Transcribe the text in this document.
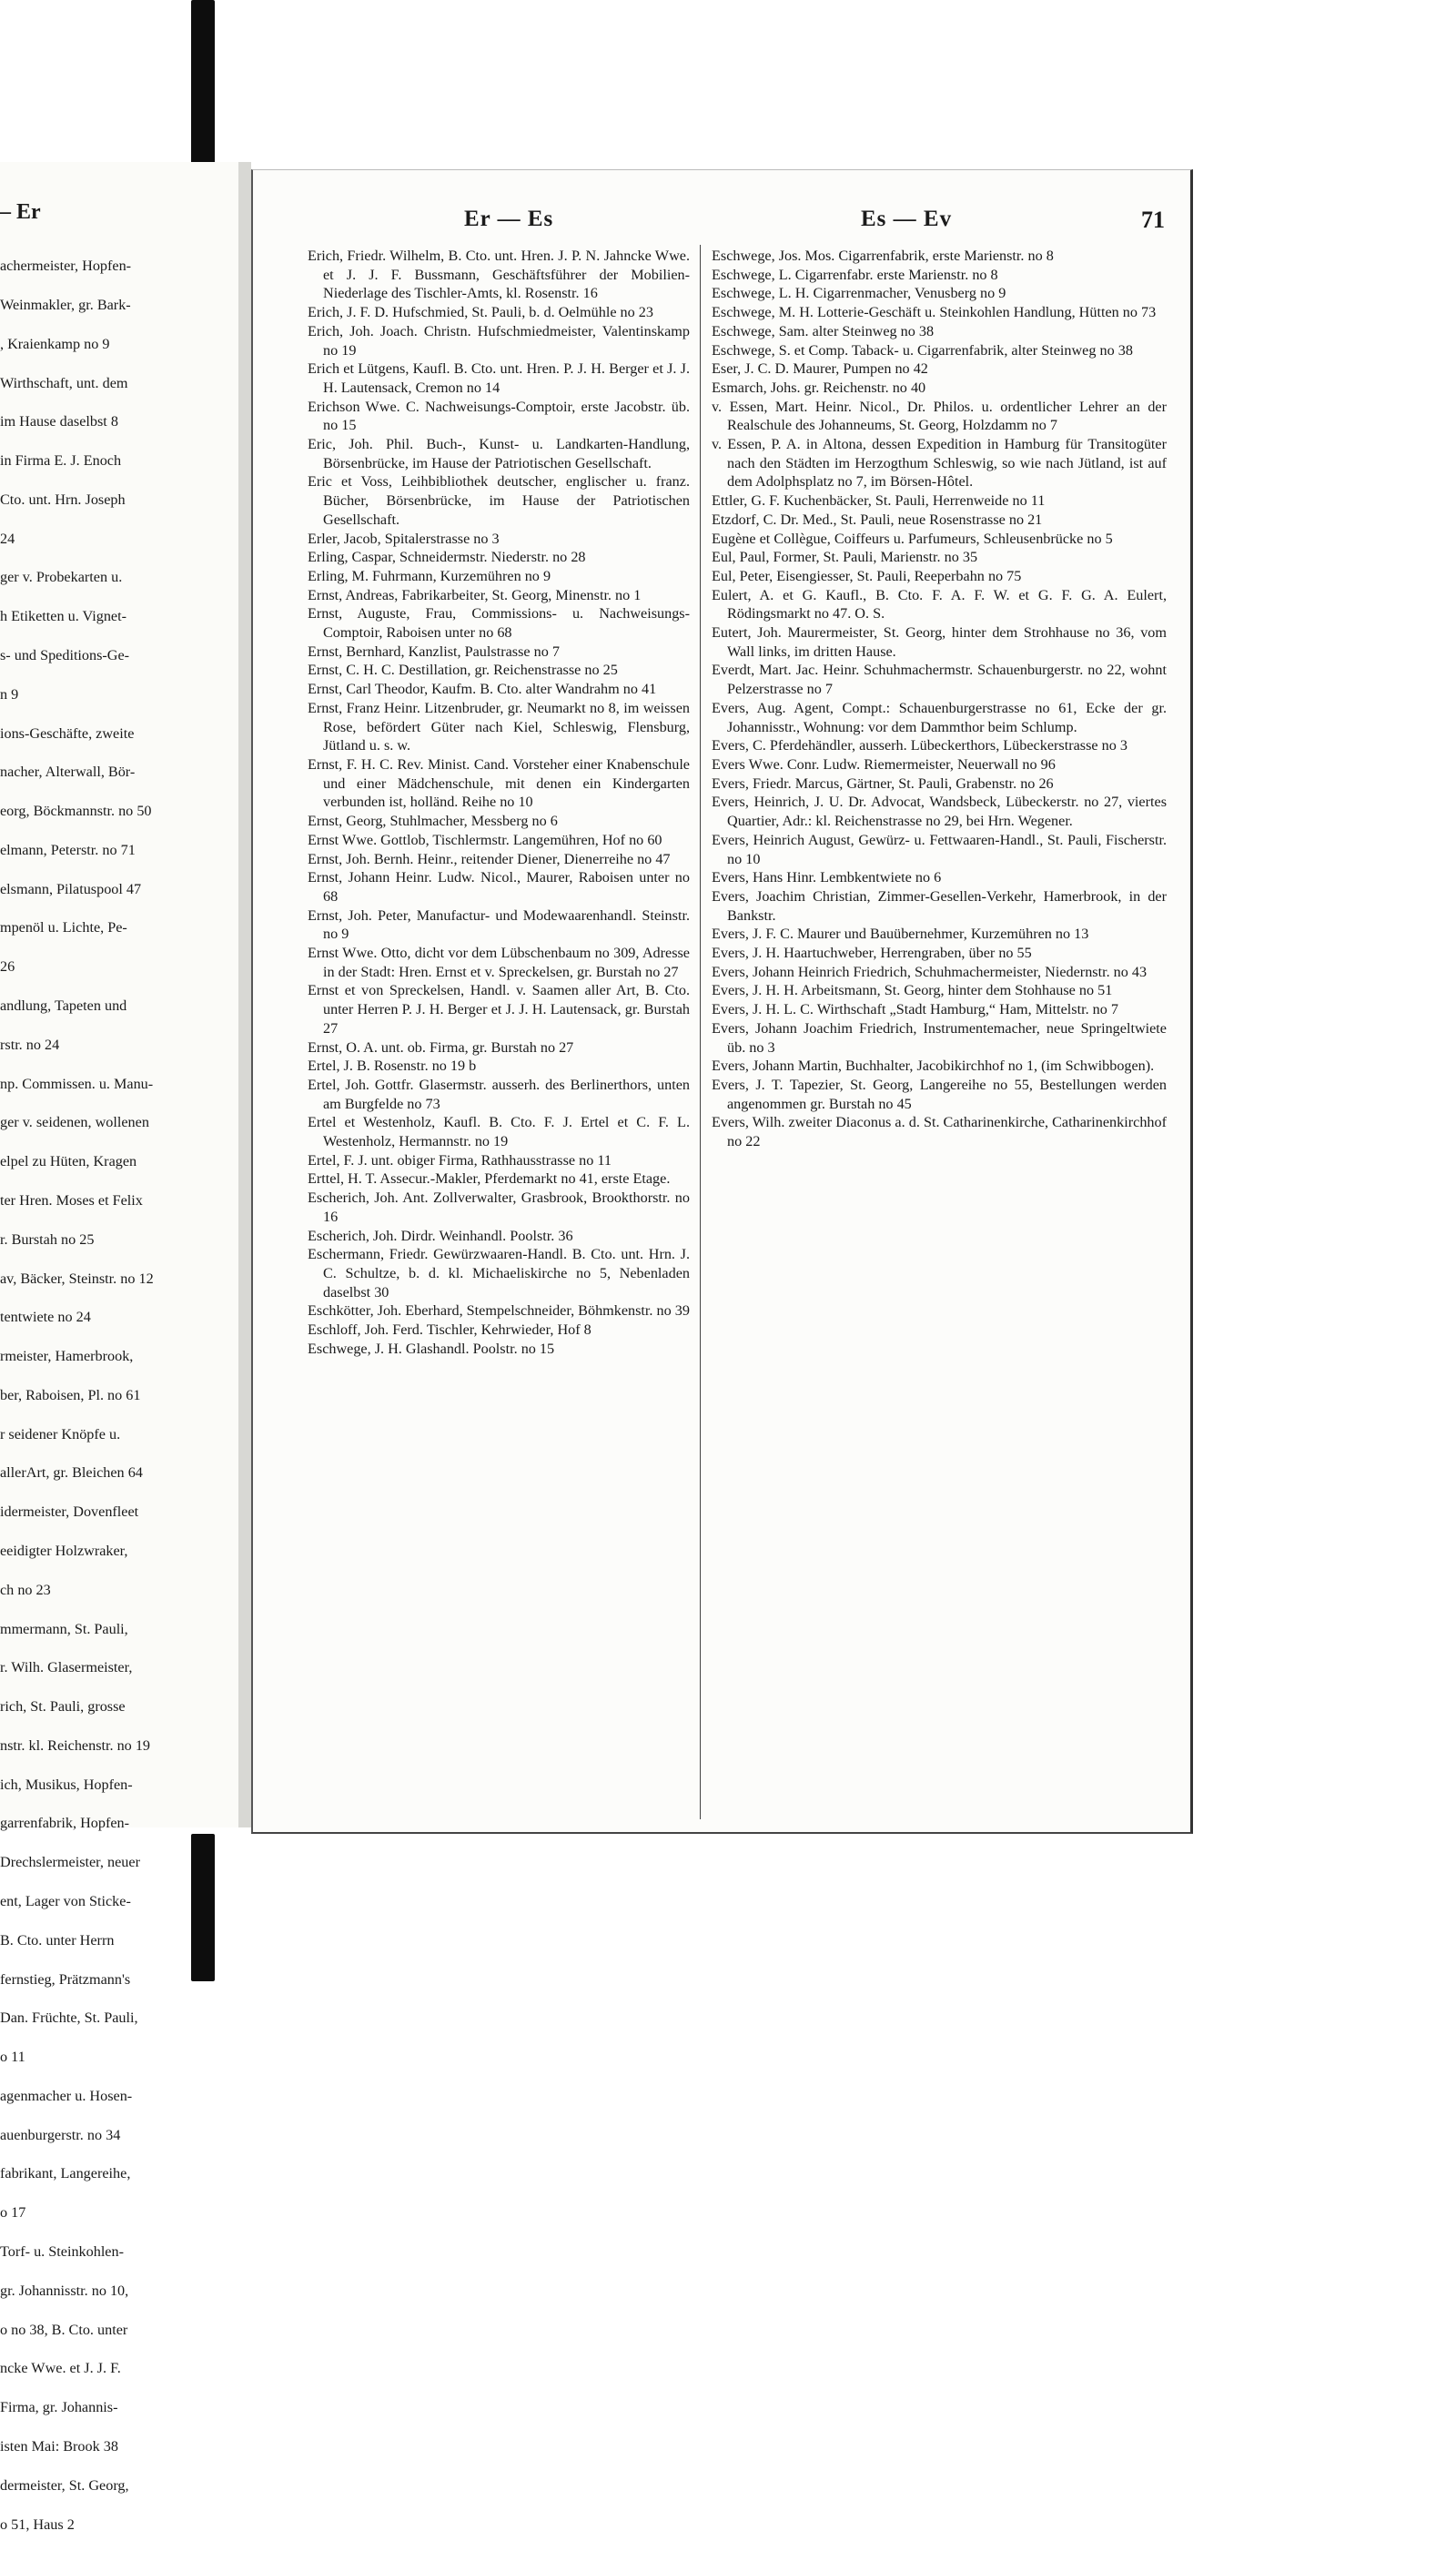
– Er

achermeister, Hopfen-

Weinmakler, gr. Bark-

, Kraienkamp no 9

Wirthschaft, unt. dem

im Hause daselbst 8

in Firma E. J. Enoch

Cto. unt. Hrn. Joseph

24

ger v. Probekarten u.

h Etiketten u. Vignet-

s- und Speditions-Ge-

n 9

ions-Geschäfte, zweite

nacher, Alterwall, Bör-

eorg, Böckmannstr. no 50

elmann, Peterstr. no 71

elsmann, Pilatuspool 47

mpenöl u. Lichte, Pe-

26

andlung, Tapeten und

rstr. no 24

np. Commissen. u. Manu-

ger v. seidenen, wollenen

elpel zu Hüten, Kragen

ter Hren. Moses et Felix

r. Burstah no 25

av, Bäcker, Steinstr. no 12

tentwiete no 24

rmeister, Hamerbrook,

ber, Raboisen, Pl. no 61

r seidener Knöpfe u.

allerArt, gr. Bleichen 64

idermeister, Dovenfleet

eeidigter Holzwraker,

ch no 23

mmermann, St. Pauli,

r. Wilh. Glasermeister,

rich, St. Pauli, grosse

nstr. kl. Reichenstr. no 19

ich, Musikus, Hopfen-

garrenfabrik, Hopfen-

Drechslermeister, neuer

ent, Lager von Sticke-

B. Cto. unter Herrn

fernstieg, Prätzmann's

Dan. Früchte, St. Pauli,

o 11

agenmacher u. Hosen-

auenburgerstr. no 34

fabrikant, Langereihe,

o 17

Torf- u. Steinkohlen-

gr. Johannisstr. no 10,

o no 38, B. Cto. unter

ncke Wwe. et J. J. F.

Firma, gr. Johannis-

isten Mai: Brook 38

dermeister, St. Georg,

o 51, Haus 2

Er — Es	Es — Ev	71

Erich, Friedr. Wilhelm, B. Cto. unt. Hren. J. P. N. Jahncke Wwe. et J. J. F. Bussmann, Geschäftsführer der Mobilien-Niederlage des Tischler-Amts, kl. Rosenstr. 16

Erich, J. F. D. Hufschmied, St. Pauli, b. d. Oelmühle no 23

Erich, Joh. Joach. Christn. Hufschmiedmeister, Valentinskamp no 19

Erich et Lütgens, Kaufl. B. Cto. unt. Hren. P. J. H. Berger et J. J. H. Lautensack, Cremon no 14

Erichson Wwe. C. Nachweisungs-Comptoir, erste Jacobstr. üb. no 15

Eric, Joh. Phil. Buch-, Kunst- u. Landkarten-Handlung, Börsenbrücke, im Hause der Patriotischen Gesellschaft.

Eric et Voss, Leihbibliothek deutscher, englischer u. franz. Bücher, Börsenbrücke, im Hause der Patriotischen Gesellschaft.

Erler, Jacob, Spitalerstrasse no 3

Erling, Caspar, Schneidermstr. Niederstr. no 28

Erling, M. Fuhrmann, Kurzemühren no 9

Ernst, Andreas, Fabrikarbeiter, St. Georg, Minenstr. no 1

Ernst, Auguste, Frau, Commissions- u. Nachweisungs-Comptoir, Raboisen unter no 68

Ernst, Bernhard, Kanzlist, Paulstrasse no 7

Ernst, C. H. C. Destillation, gr. Reichenstrasse no 25

Ernst, Carl Theodor, Kaufm. B. Cto. alter Wandrahm no 41

Ernst, Franz Heinr. Litzenbruder, gr. Neumarkt no 8, im weissen Rose, befördert Güter nach Kiel, Schleswig, Flensburg, Jütland u. s. w.

Ernst, F. H. C. Rev. Minist. Cand. Vorsteher einer Knabenschule und einer Mädchenschule, mit denen ein Kindergarten verbunden ist, holländ. Reihe no 10

Ernst, Georg, Stuhlmacher, Messberg no 6

Ernst Wwe. Gottlob, Tischlermstr. Langemühren, Hof no 60

Ernst, Joh. Bernh. Heinr., reitender Diener, Dienerreihe no 47

Ernst, Johann Heinr. Ludw. Nicol., Maurer, Raboisen unter no 68

Ernst, Joh. Peter, Manufactur- und Modewaarenhandl. Steinstr. no 9

Ernst Wwe. Otto, dicht vor dem Lübschenbaum no 309, Adresse in der Stadt: Hren. Ernst et v. Spreckelsen, gr. Burstah no 27

Ernst et von Spreckelsen, Handl. v. Saamen aller Art, B. Cto. unter Herren P. J. H. Berger et J. J. H. Lautensack, gr. Burstah 27

Ernst, O. A. unt. ob. Firma, gr. Burstah no 27

Ertel, J. B. Rosenstr. no 19 b

Ertel, Joh. Gottfr. Glasermstr. ausserh. des Berlinerthors, unten am Burgfelde no 73

Ertel et Westenholz, Kaufl. B. Cto. F. J. Ertel et C. F. L. Westenholz, Hermannstr. no 19

Ertel, F. J. unt. obiger Firma, Rathhausstrasse no 11

Erttel, H. T. Assecur.-Makler, Pferdemarkt no 41, erste Etage.

Escherich, Joh. Ant. Zollverwalter, Grasbrook, Brookthorstr. no 16

Escherich, Joh. Dirdr. Weinhandl. Poolstr. 36

Eschermann, Friedr. Gewürzwaaren-Handl. B. Cto. unt. Hrn. J. C. Schultze, b. d. kl. Michaeliskirche no 5, Nebenladen daselbst 30

Eschkötter, Joh. Eberhard, Stempelschneider, Böhmkenstr. no 39

Eschloff, Joh. Ferd. Tischler, Kehrwieder, Hof 8

Eschwege, J. H. Glashandl. Poolstr. no 15

Eschwege, Jos. Mos. Cigarrenfabrik, erste Marienstr. no 8

Eschwege, L. Cigarrenfabr. erste Marienstr. no 8

Eschwege, L. H. Cigarrenmacher, Venusberg no 9

Eschwege, M. H. Lotterie-Geschäft u. Steinkohlen Handlung, Hütten no 73

Eschwege, Sam. alter Steinweg no 38

Eschwege, S. et Comp. Taback- u. Cigarrenfabrik, alter Steinweg no 38

Eser, J. C. D. Maurer, Pumpen no 42

Esmarch, Johs. gr. Reichenstr. no 40

v. Essen, Mart. Heinr. Nicol., Dr. Philos. u. ordentlicher Lehrer an der Realschule des Johanneums, St. Georg, Holzdamm no 7

v. Essen, P. A. in Altona, dessen Expedition in Hamburg für Transitogüter nach den Städten im Herzogthum Schleswig, so wie nach Jütland, ist auf dem Adolphsplatz no 7, im Börsen-Hôtel.

Ettler, G. F. Kuchenbäcker, St. Pauli, Herrenweide no 11

Etzdorf, C. Dr. Med., St. Pauli, neue Rosenstrasse no 21

Eugène et Collègue, Coiffeurs u. Parfumeurs, Schleusenbrücke no 5

Eul, Paul, Former, St. Pauli, Marienstr. no 35

Eul, Peter, Eisengiesser, St. Pauli, Reeperbahn no 75

Eulert, A. et G. Kaufl., B. Cto. F. A. F. W. et G. F. G. A. Eulert, Rödingsmarkt no 47. O. S.

Eutert, Joh. Maurermeister, St. Georg, hinter dem Strohhause no 36, vom Wall links, im dritten Hause.

Everdt, Mart. Jac. Heinr. Schuhmachermstr. Schauenburgerstr. no 22, wohnt Pelzerstrasse no 7

Evers, Aug. Agent, Compt.: Schauenburgerstrasse no 61, Ecke der gr. Johannisstr., Wohnung: vor dem Dammthor beim Schlump.

Evers, C. Pferdehändler, ausserh. Lübeckerthors, Lübeckerstrasse no 3

Evers Wwe. Conr. Ludw. Riemermeister, Neuerwall no 96

Evers, Friedr. Marcus, Gärtner, St. Pauli, Grabenstr. no 26

Evers, Heinrich, J. U. Dr. Advocat, Wandsbeck, Lübeckerstr. no 27, viertes Quartier, Adr.: kl. Reichenstrasse no 29, bei Hrn. Wegener.

Evers, Heinrich August, Gewürz- u. Fettwaaren-Handl., St. Pauli, Fischerstr. no 10

Evers, Hans Hinr. Lembkentwiete no 6

Evers, Joachim Christian, Zimmer-Gesellen-Verkehr, Hamerbrook, in der Bankstr.

Evers, J. F. C. Maurer und Bauübernehmer, Kurzemühren no 13

Evers, J. H. Haartuchweber, Herrengraben, über no 55

Evers, Johann Heinrich Friedrich, Schuhmachermeister, Niedernstr. no 43

Evers, J. H. H. Arbeitsmann, St. Georg, hinter dem Stohhause no 51

Evers, J. H. L. C. Wirthschaft „Stadt Hamburg,“ Ham, Mittelstr. no 7

Evers, Johann Joachim Friedrich, Instrumentemacher, neue Springeltwiete üb. no 3

Evers, Johann Martin, Buchhalter, Jacobikirchhof no 1, (im Schwibbogen).

Evers, J. T. Tapezier, St. Georg, Langereihe no 55, Bestellungen werden angenommen gr. Burstah no 45

Evers, Wilh. zweiter Diaconus a. d. St. Catharinenkirche, Catharinenkirchhof no 22
